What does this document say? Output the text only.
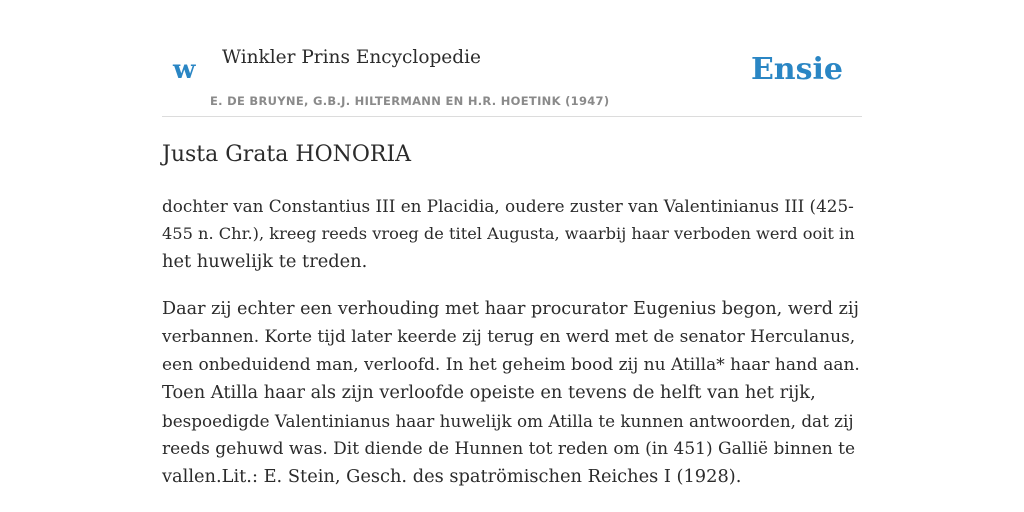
w Winkler Prins Encyclopedie	Ensie
E. DE BRUYNE, G.B.J. HILTERMANN EN H.R. HOETINK (1947)
Justa Grata HONORIA

dochter van Constantius III en Placidia, oudere zuster van Valentinianus III (425-
455 n. Chr.), kreeg reeds vroeg de titel Augusta, waarbij haar verboden werd ooit in
het huwelijk te treden.

Daar zij echter een verhouding met haar procurator Eugenius begon, werd zij
verbannen. Korte tijd later keerde zij terug en werd met de senator Herculanus,
een onbeduidend man, verloofd. In het geheim bood zij nu Atilla* haar hand aan.
Toen Atilla haar als zijn verloofde opeiste en tevens de helft van het rijk,
bespoedigde Valentinianus haar huwelijk om Atilla te kunnen antwoorden, dat zij
reeds gehuwd was. Dit diende de Hunnen tot reden om (in 451) Gallië binnen te
vallen.Lit.: E. Stein, Gesch. des spatrömischen Reiches I (1928).
